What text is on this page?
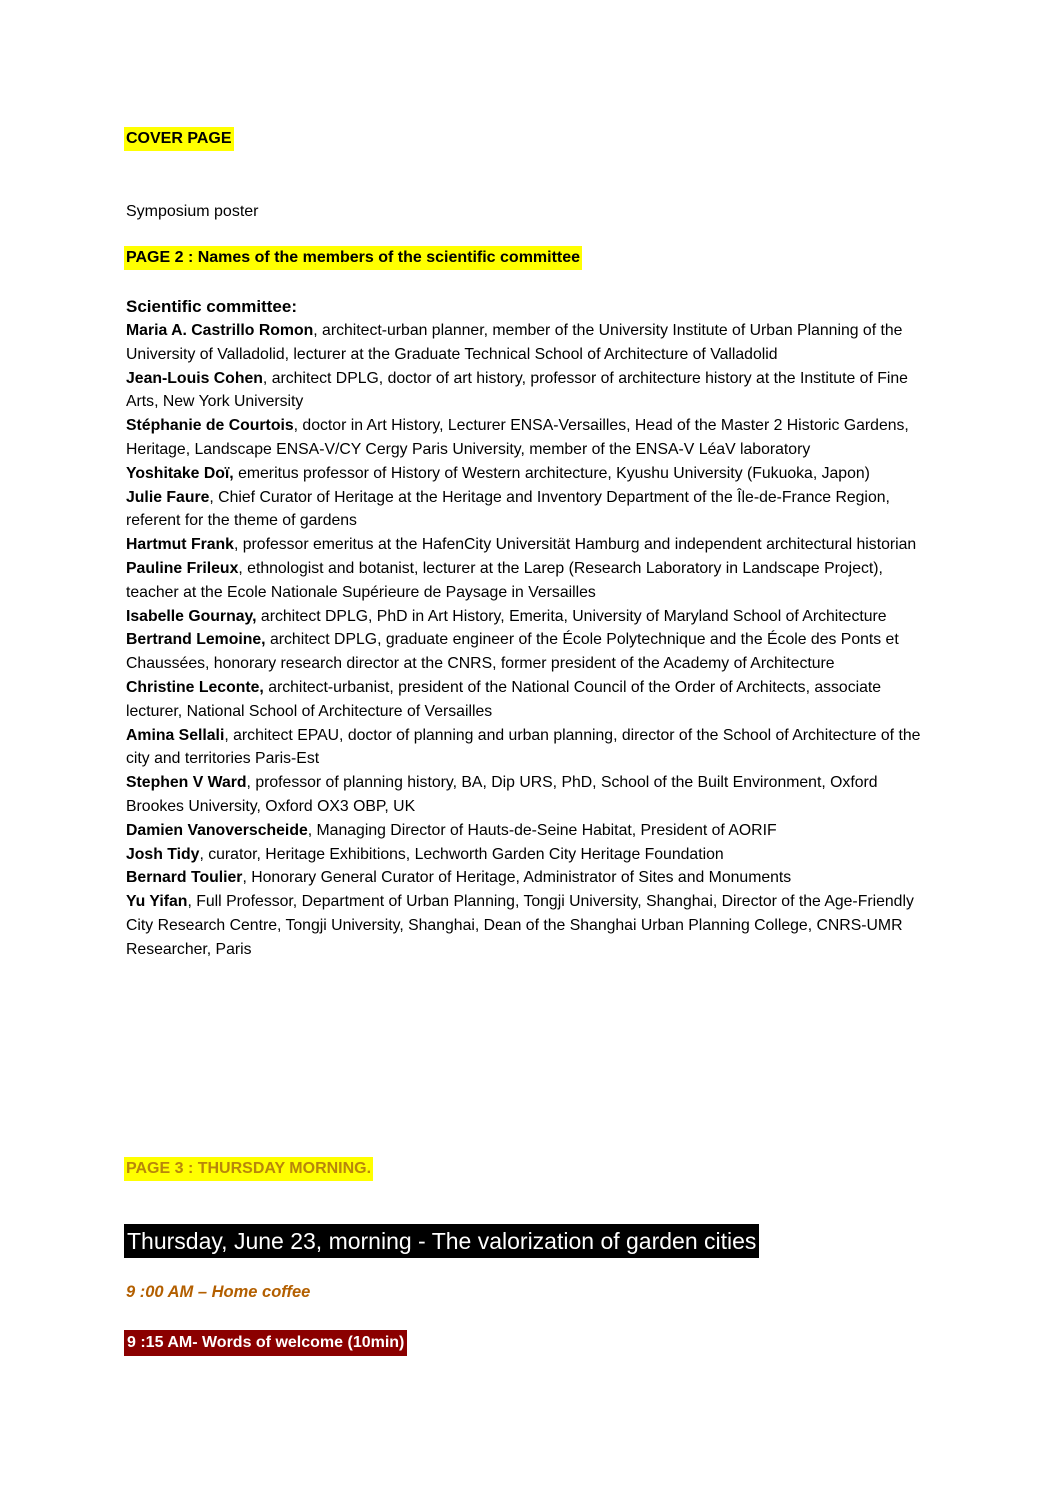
COVER PAGE
Symposium poster
PAGE 2 : Names of the members of the scientific committee
Scientific committee:

Maria A. Castrillo Romon, architect-urban planner, member of the University Institute of Urban Planning of the University of Valladolid, lecturer at the Graduate Technical School of Architecture of Valladolid

Jean-Louis Cohen, architect DPLG, doctor of art history, professor of architecture history at the Institute of Fine Arts, New York University

Stéphanie de Courtois, doctor in Art History, Lecturer ENSA-Versailles, Head of the Master 2 Historic Gardens, Heritage, Landscape ENSA-V/CY Cergy Paris University, member of the ENSA-V LéaV laboratory

Yoshitake Doï, emeritus professor of History of Western architecture, Kyushu University (Fukuoka, Japon)

Julie Faure, Chief Curator of Heritage at the Heritage and Inventory Department of the Île-de-France Region, referent for the theme of gardens

Hartmut Frank, professor emeritus at the HafenCity Universität Hamburg and independent architectural historian

Pauline Frileux, ethnologist and botanist, lecturer at the Larep (Research Laboratory in Landscape Project), teacher at the Ecole Nationale Supérieure de Paysage in Versailles

Isabelle Gournay, architect DPLG, PhD in Art History, Emerita, University of Maryland School of Architecture

Bertrand Lemoine, architect DPLG, graduate engineer of the École Polytechnique and the École des Ponts et Chaussées, honorary research director at the CNRS, former president of the Academy of Architecture

Christine Leconte, architect-urbanist, president of the National Council of the Order of Architects, associate lecturer, National School of Architecture of Versailles

Amina Sellali, architect EPAU, doctor of planning and urban planning, director of the School of Architecture of the city and territories Paris-Est

Stephen V Ward, professor of planning history, BA, Dip URS, PhD, School of the Built Environment, Oxford Brookes University, Oxford OX3 OBP, UK

Damien Vanoverscheide, Managing Director of Hauts-de-Seine Habitat, President of AORIF

Josh Tidy, curator, Heritage Exhibitions, Lechworth Garden City Heritage Foundation

Bernard Toulier, Honorary General Curator of Heritage, Administrator of Sites and Monuments

Yu Yifan, Full Professor, Department of Urban Planning, Tongji University, Shanghai, Director of the Age-Friendly City Research Centre, Tongji University, Shanghai, Dean of the Shanghai Urban Planning College, CNRS-UMR Researcher, Paris

PAGE 3 : THURSDAY MORNING.
Thursday, June 23, morning - The valorization of garden cities
9 :00 AM – Home coffee
9 :15 AM- Words of welcome (10min)
